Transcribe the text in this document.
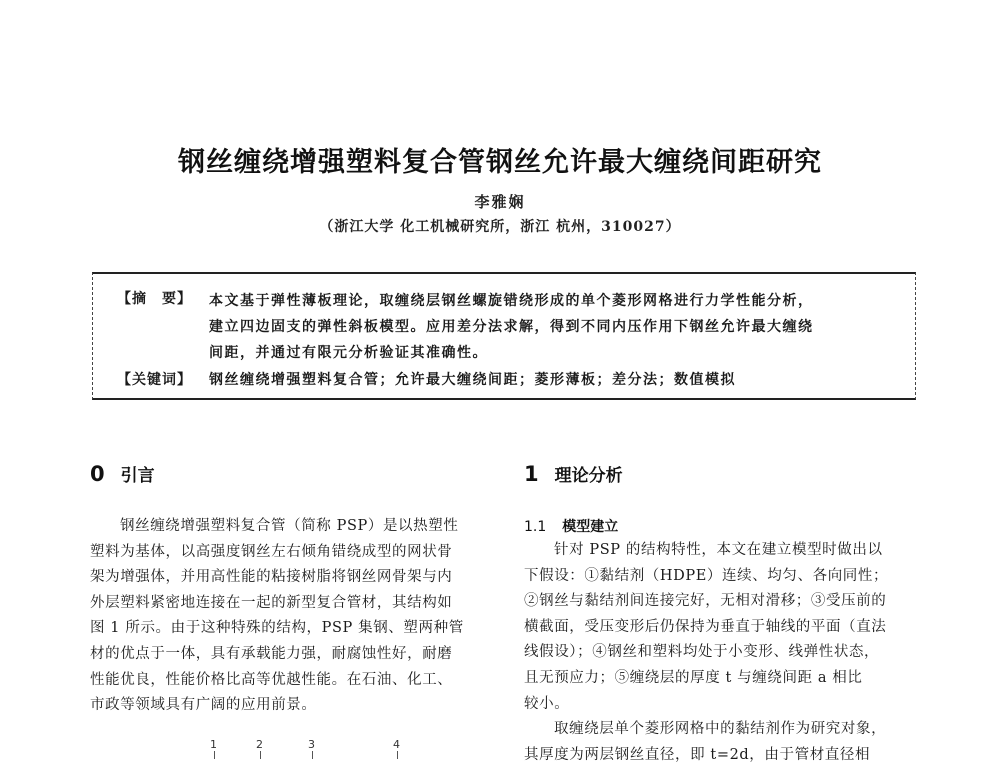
钢丝缠绕增强塑料复合管钢丝允许最大缠绕间距研究
李雅娴
（浙江大学 化工机械研究所，浙江 杭州，310027）
【摘　要】	本文基于弹性薄板理论，取缠绕层钢丝螺旋错绕形成的单个菱形网格进行力学性能分析，
建立四边固支的弹性斜板模型。应用差分法求解，得到不同内压作用下钢丝允许最大缠绕
间距，并通过有限元分析验证其准确性。
【关键词】	钢丝缠绕增强塑料复合管；允许最大缠绕间距；菱形薄板；差分法；数值模拟
0 引言
钢丝缠绕增强塑料复合管（简称 PSP）是以热塑性
塑料为基体，以高强度钢丝左右倾角错绕成型的网状骨
架为增强体，并用高性能的粘接树脂将钢丝网骨架与内
外层塑料紧密地连接在一起的新型复合管材，其结构如
图 1 所示。由于这种特殊的结构，PSP 集钢、塑两种管
材的优点于一体，具有承载能力强，耐腐蚀性好，耐磨
性能优良，性能价格比高等优越性能。在石油、化工、
市政等领域具有广阔的应用前景。
1	2	3	4
1 理论分析
1.1 模型建立
针对 PSP 的结构特性，本文在建立模型时做出以
下假设：①黏结剂（HDPE）连续、均匀、各向同性；
②钢丝与黏结剂间连接完好，无相对滑移；③受压前的
横截面，受压变形后仍保持为垂直于轴线的平面（直法
线假设）；④钢丝和塑料均处于小变形、线弹性状态，
且无预应力；⑤缠绕层的厚度 t 与缠绕间距 a 相比
较小。
取缠绕层单个菱形网格中的黏结剂作为研究对象，
其厚度为两层钢丝直径，即 t=2d，由于管材直径相
